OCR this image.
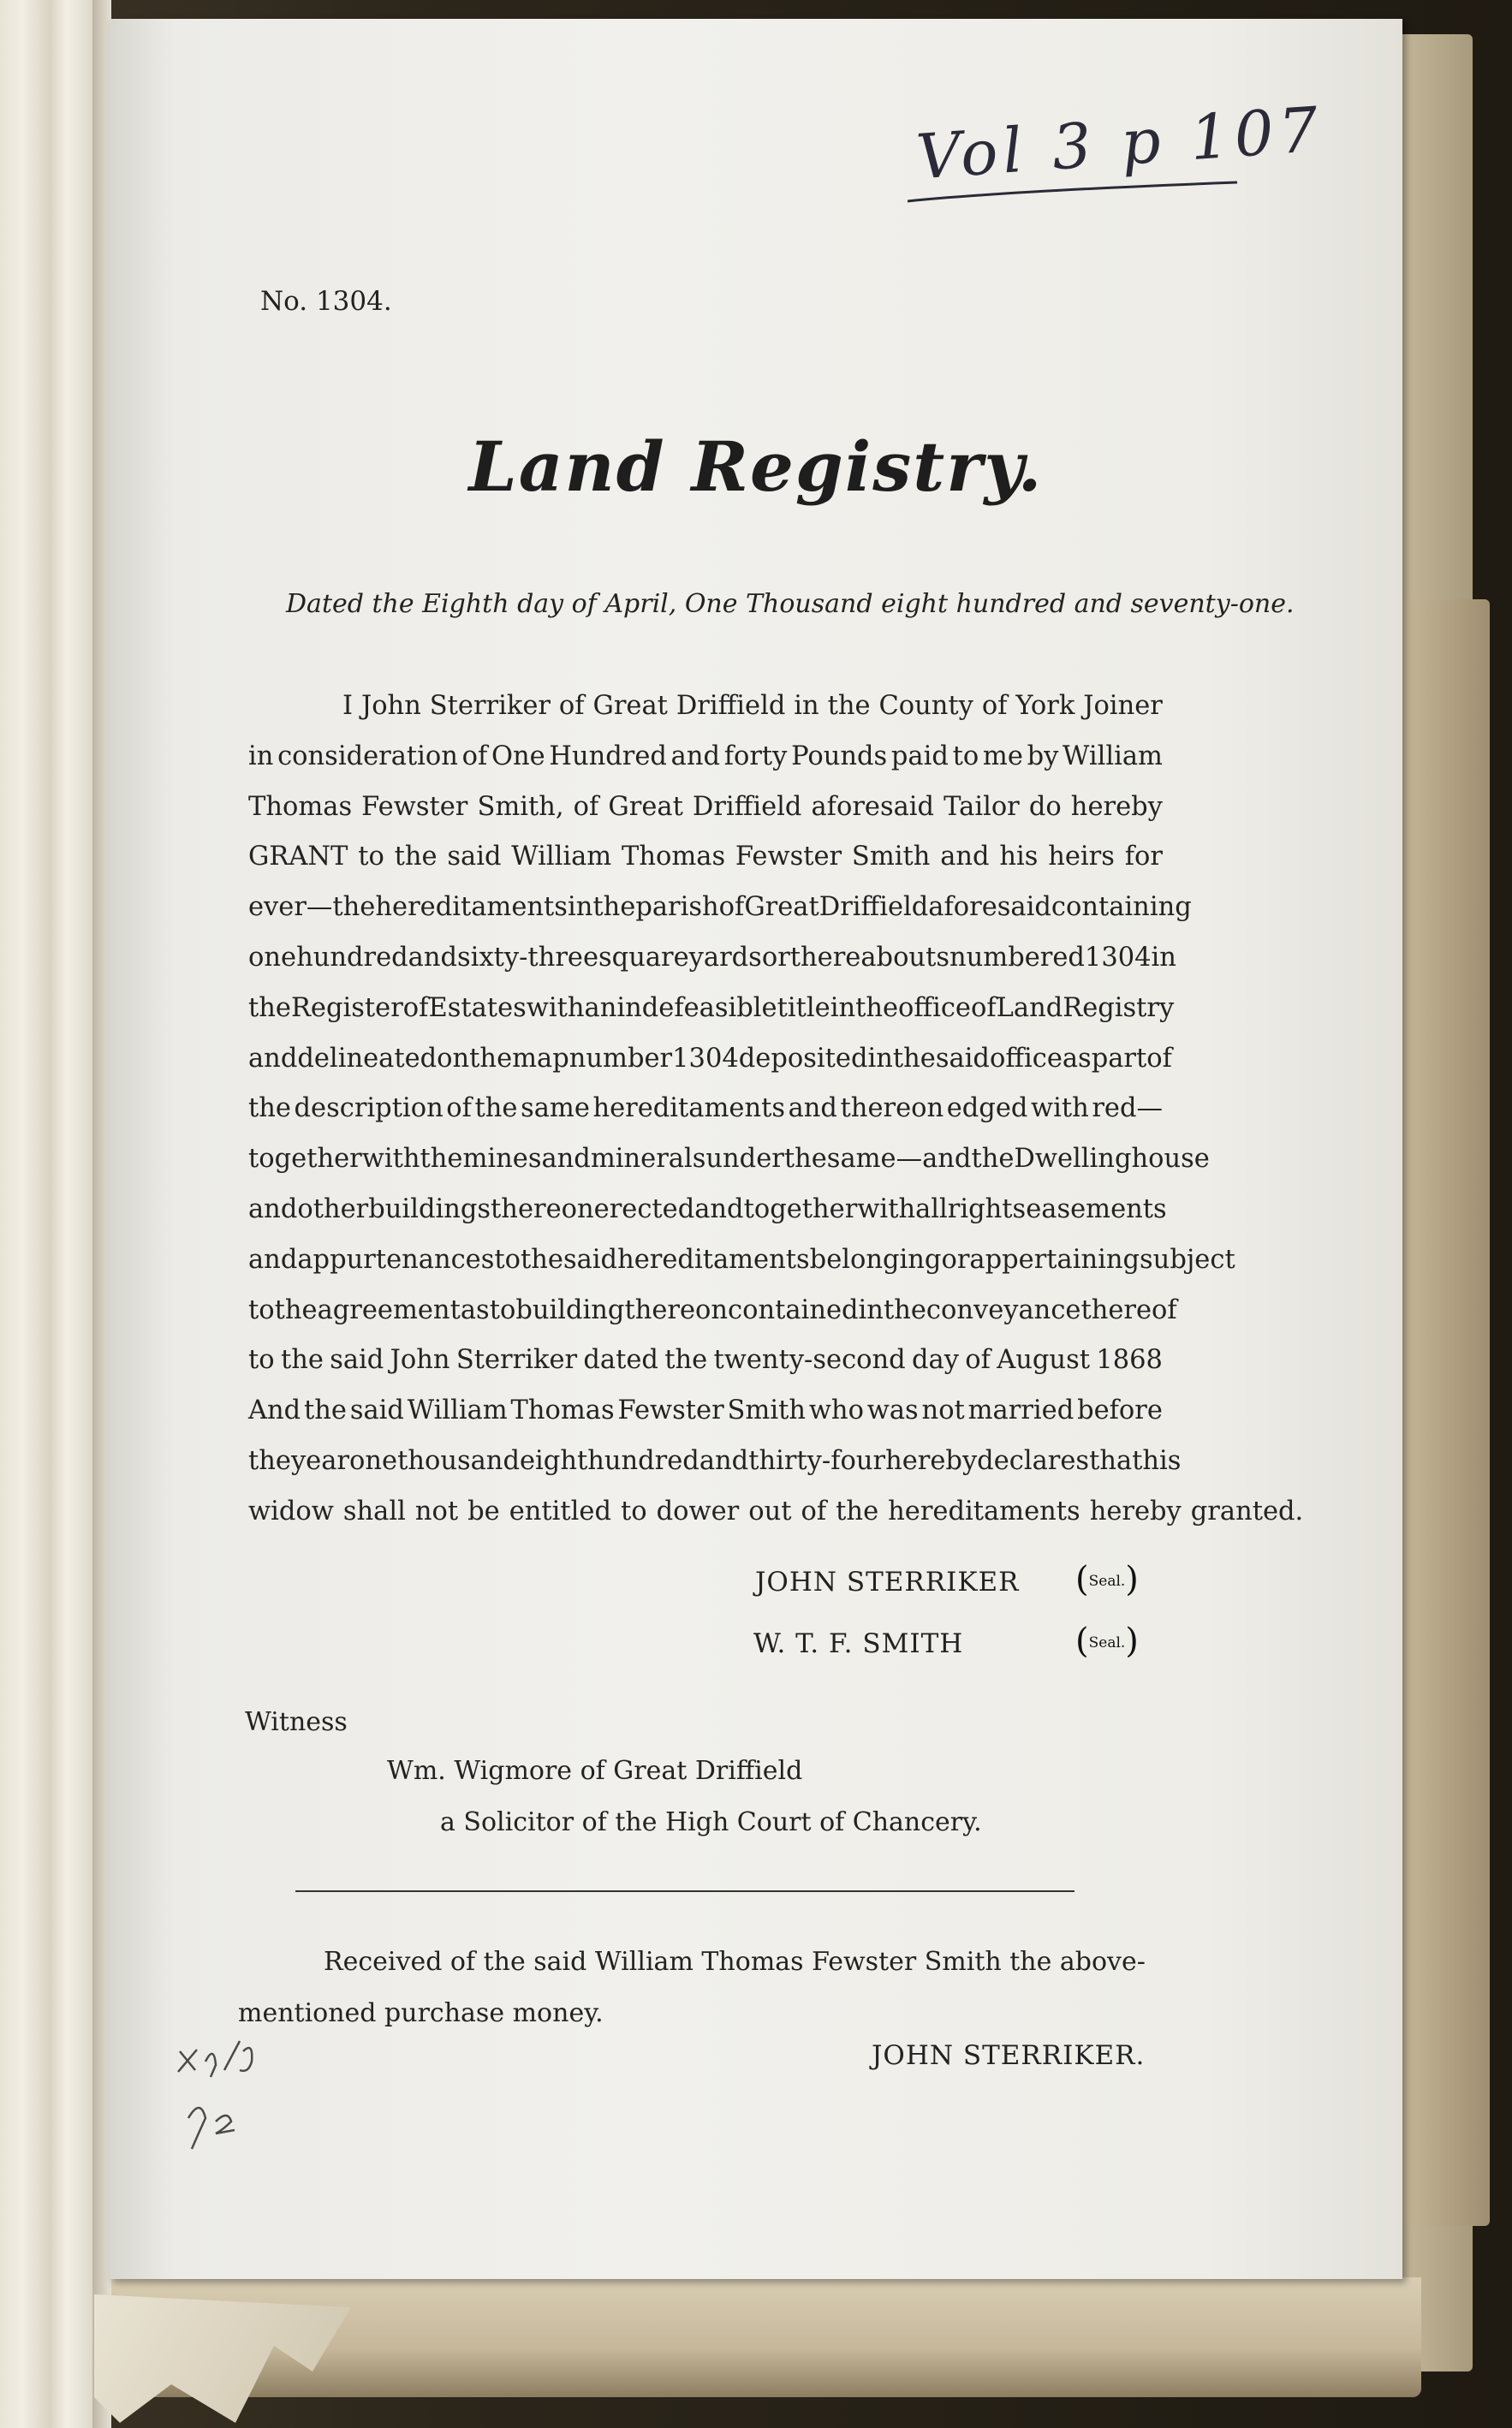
Vol 3 p 107
No. 1304.
Land Registry.
Dated the Eighth day of April, One Thousand eight hundred and seventy-one.
I John Sterriker of Great Driffield in the County of York Joiner
in consideration of One Hundred and forty Pounds paid to me by William
Thomas Fewster Smith, of Great Driffield aforesaid Tailor do hereby
GRANT to the said William Thomas Fewster Smith and his heirs for
ever—the hereditaments in the parish of Great Driffield aforesaid containing
one hundred and sixty-three square yards or thereabouts numbered 1304 in
the Register of Estates with an indefeasible title in the office of Land Registry
and delineated on the map number 1304 deposited in the said office as part of
the description of the same hereditaments and thereon edged with red—
together with the mines and minerals under the same—and the Dwellinghouse
and other buildings thereon erected and together with all rights easements
and appurtenances to the said hereditaments belonging or appertaining subject
to the agreement as to building thereon contained in the conveyance thereof
to the said John Sterriker dated the twenty-second day of August 1868
And the said William Thomas Fewster Smith who was not married before
the year one thousand eight hundred and thirty-four hereby declares that his
widow shall not be entitled to dower out of the hereditaments hereby granted.
JOHN STERRIKER (Seal.)
W. T. F. SMITH	(Seal.)
Witness
Wm. Wigmore of Great Driffield
a Solicitor of the High Court of Chancery.
Received of the said William Thomas Fewster Smith the above-
mentioned purchase money.
JOHN STERRIKER.
